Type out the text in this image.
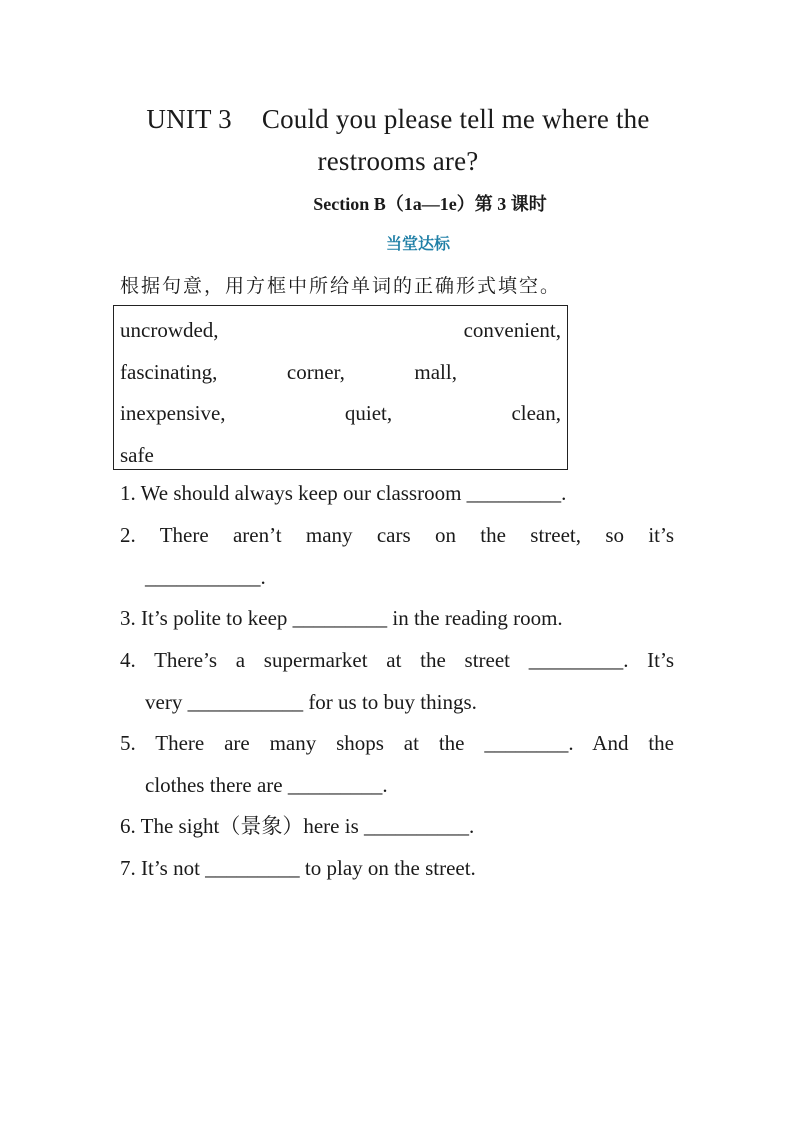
UNIT 3 Could you please tell me where the
restrooms are?
Section B（1a—1e）第 3 课时
当堂达标
根据句意，用方框中所给单词的正确形式填空。
uncrowded,	convenient,
fascinating,	corner,	mall,
inexpensive,	quiet,	clean,
safe
1. We should always keep our classroom _________.
2. There aren’t many cars on the street, so it’s
___________.
3. It’s polite to keep _________ in the reading room.
4. There’s a supermarket at the street _________. It’s
very ___________ for us to buy things.
5. There are many shops at the ________. And the
clothes there are _________.
6. The sight（景象）here is __________.
7. It’s not _________ to play on the street.
